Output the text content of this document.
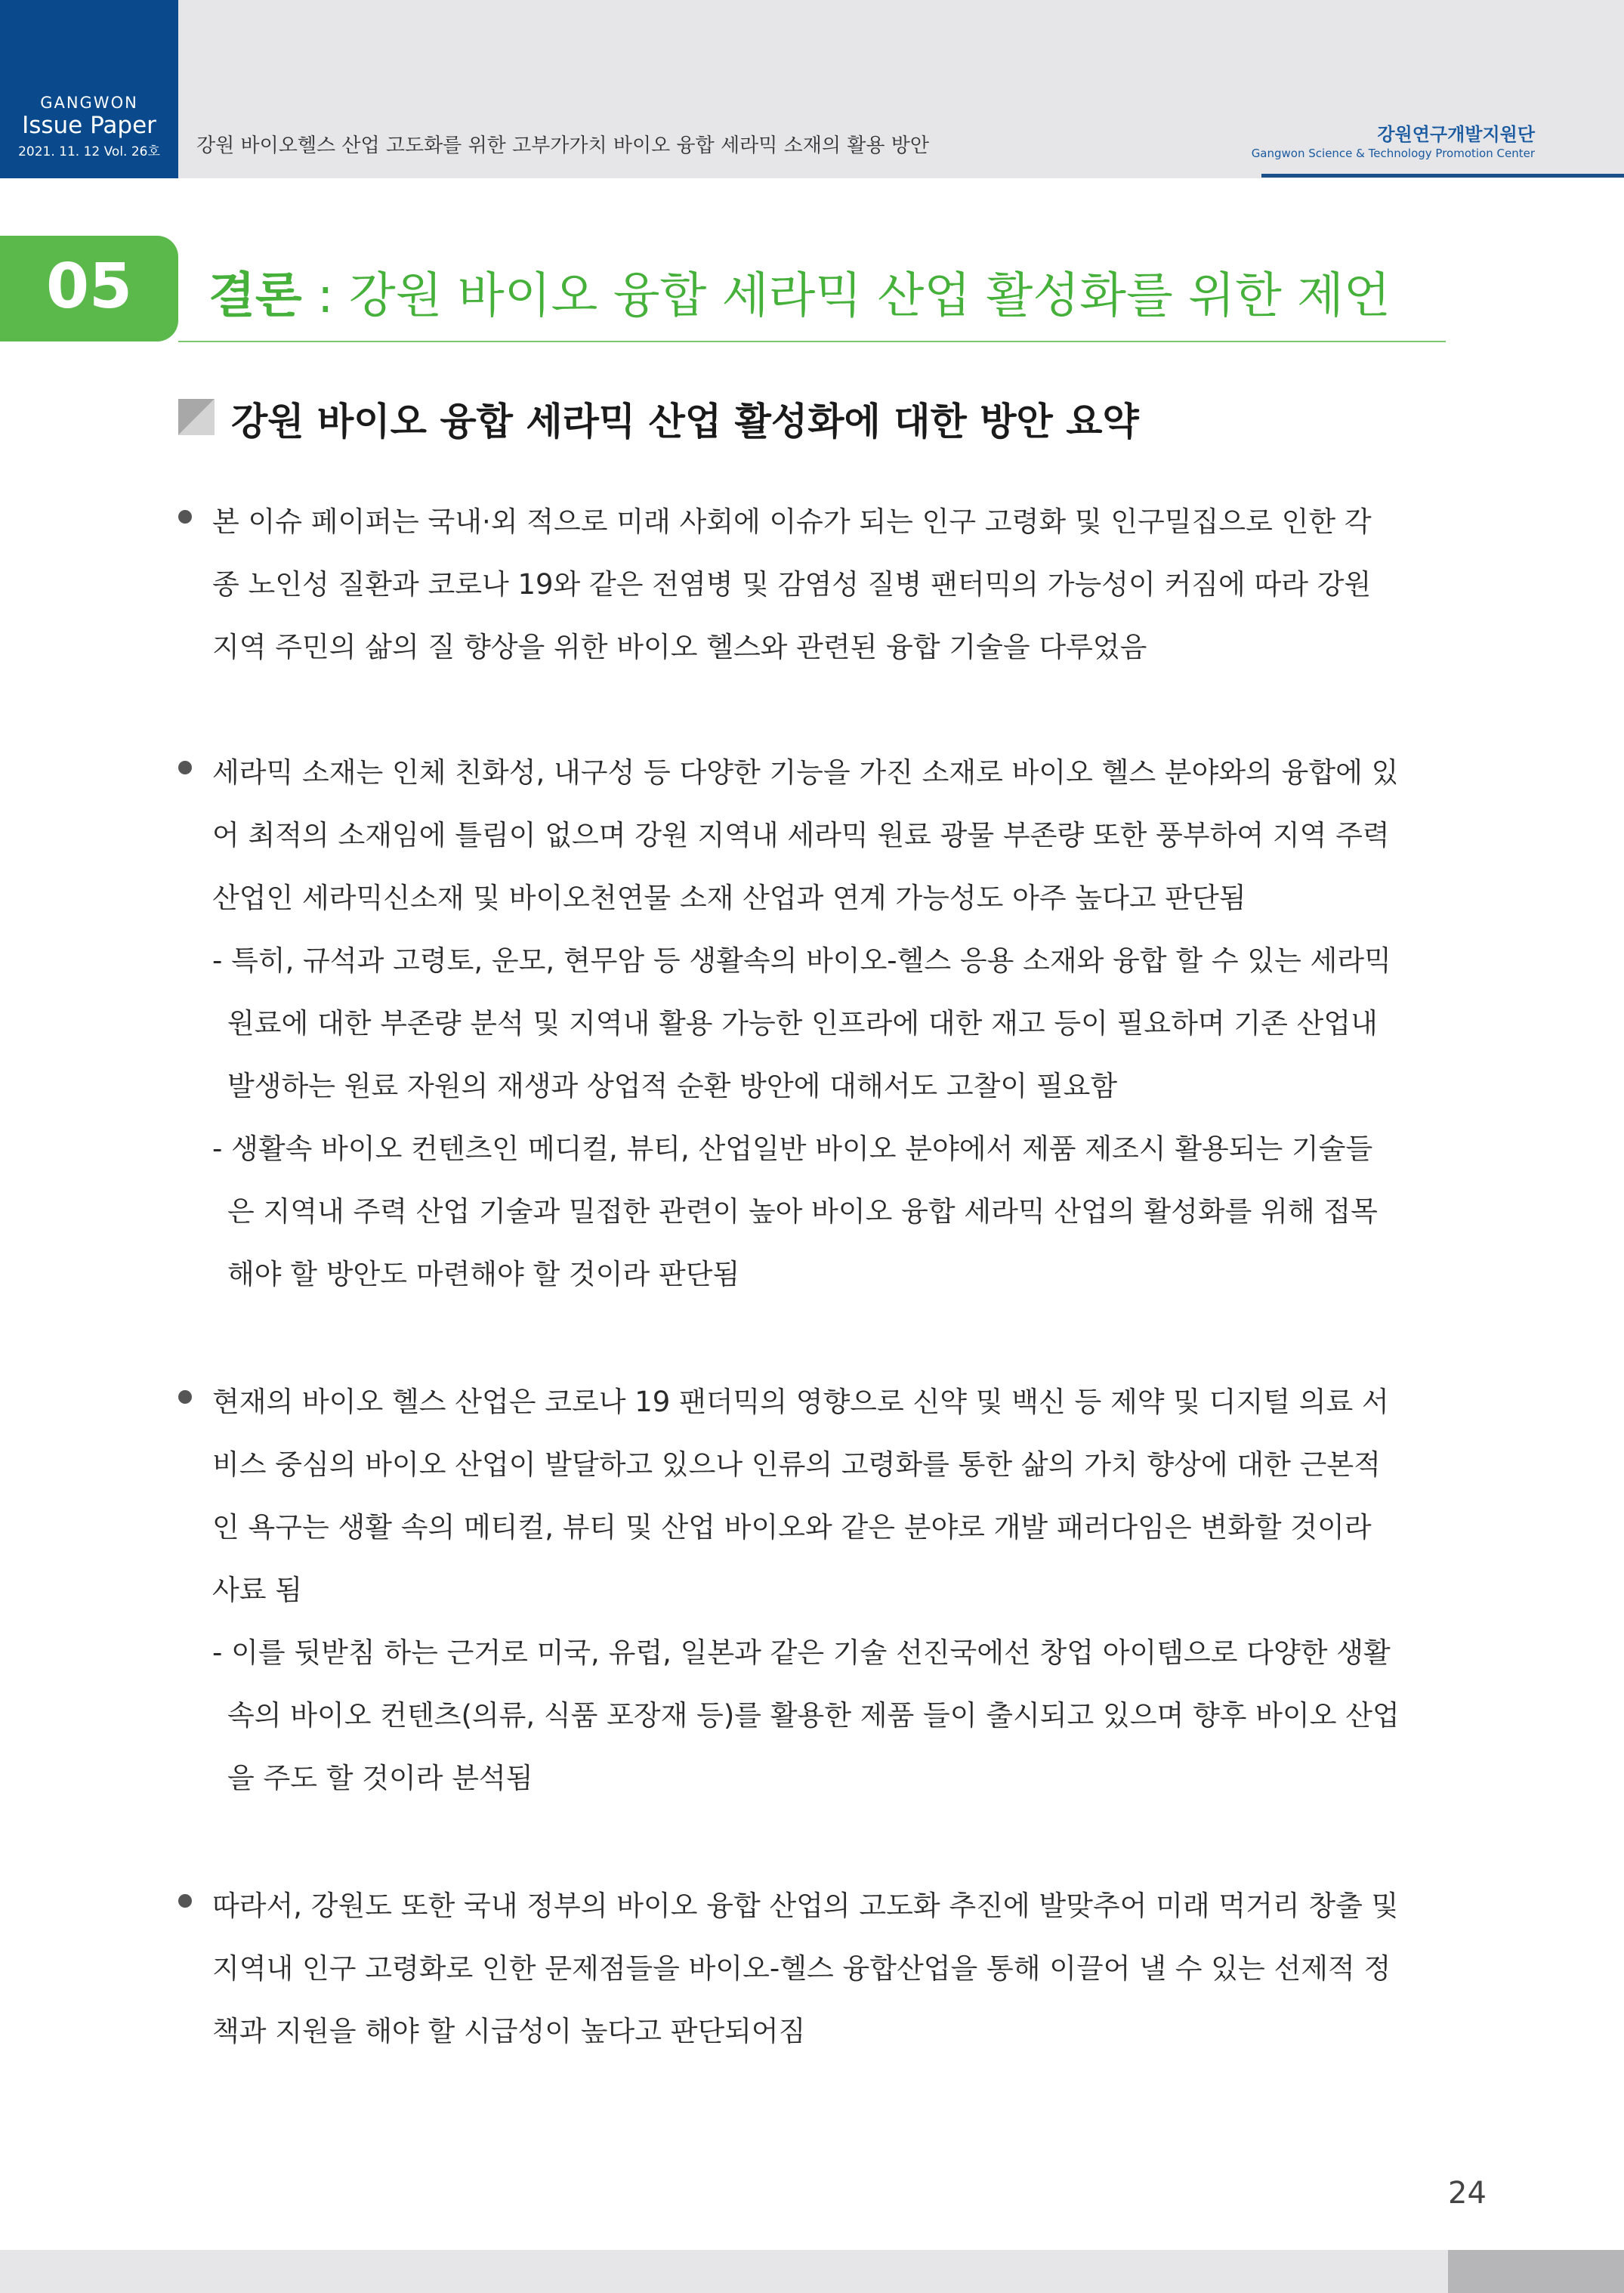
GANGWON
Issue Paper
2021. 11. 12 Vol. 26호	강원 바이오헬스 산업 고도화를 위한 고부가가치 바이오 융합 세라믹 소재의 활용 방안	강원연구개발지원단
Gangwon Science & Technology Promotion Center
05	결론 : 강원 바이오 융합 세라믹 산업 활성화를 위한 제언
강원 바이오 융합 세라믹 산업 활성화에 대한 방안 요약
본 이슈 페이퍼는 국내·외 적으로 미래 사회에 이슈가 되는 인구 고령화 및 인구밀집으로 인한 각
종 노인성 질환과 코로나 19와 같은 전염병 및 감염성 질병 팬터믹의 가능성이 커짐에 따라 강원
지역 주민의 삶의 질 향상을 위한 바이오 헬스와 관련된 융합 기술을 다루었음
세라믹 소재는 인체 친화성, 내구성 등 다양한 기능을 가진 소재로 바이오 헬스 분야와의 융합에 있
어 최적의 소재임에 틀림이 없으며 강원 지역내 세라믹 원료 광물 부존량 또한 풍부하여 지역 주력
산업인 세라믹신소재 및 바이오천연물 소재 산업과 연계 가능성도 아주 높다고 판단됨
- 특히, 규석과 고령토, 운모, 현무암 등 생활속의 바이오-헬스 응용 소재와 융합 할 수 있는 세라믹
원료에 대한 부존량 분석 및 지역내 활용 가능한 인프라에 대한 재고 등이 필요하며 기존 산업내
발생하는 원료 자원의 재생과 상업적 순환 방안에 대해서도 고찰이 필요함
- 생활속 바이오 컨텐츠인 메디컬, 뷰티, 산업일반 바이오 분야에서 제품 제조시 활용되는 기술들
은 지역내 주력 산업 기술과 밀접한 관련이 높아 바이오 융합 세라믹 산업의 활성화를 위해 접목
해야 할 방안도 마련해야 할 것이라 판단됨
현재의 바이오 헬스 산업은 코로나 19 팬더믹의 영향으로 신약 및 백신 등 제약 및 디지털 의료 서
비스 중심의 바이오 산업이 발달하고 있으나 인류의 고령화를 통한 삶의 가치 향상에 대한 근본적
인 욕구는 생활 속의 메티컬, 뷰티 및 산업 바이오와 같은 분야로 개발 패러다임은 변화할 것이라
사료 됨
- 이를 뒷받침 하는 근거로 미국, 유럽, 일본과 같은 기술 선진국에선 창업 아이템으로 다양한 생활
속의 바이오 컨텐츠(의류, 식품 포장재 등)를 활용한 제품 들이 출시되고 있으며 향후 바이오 산업
을 주도 할 것이라 분석됨
따라서, 강원도 또한 국내 정부의 바이오 융합 산업의 고도화 추진에 발맞추어 미래 먹거리 창출 및
지역내 인구 고령화로 인한 문제점들을 바이오-헬스 융합산업을 통해 이끌어 낼 수 있는 선제적 정
책과 지원을 해야 할 시급성이 높다고 판단되어짐
24
